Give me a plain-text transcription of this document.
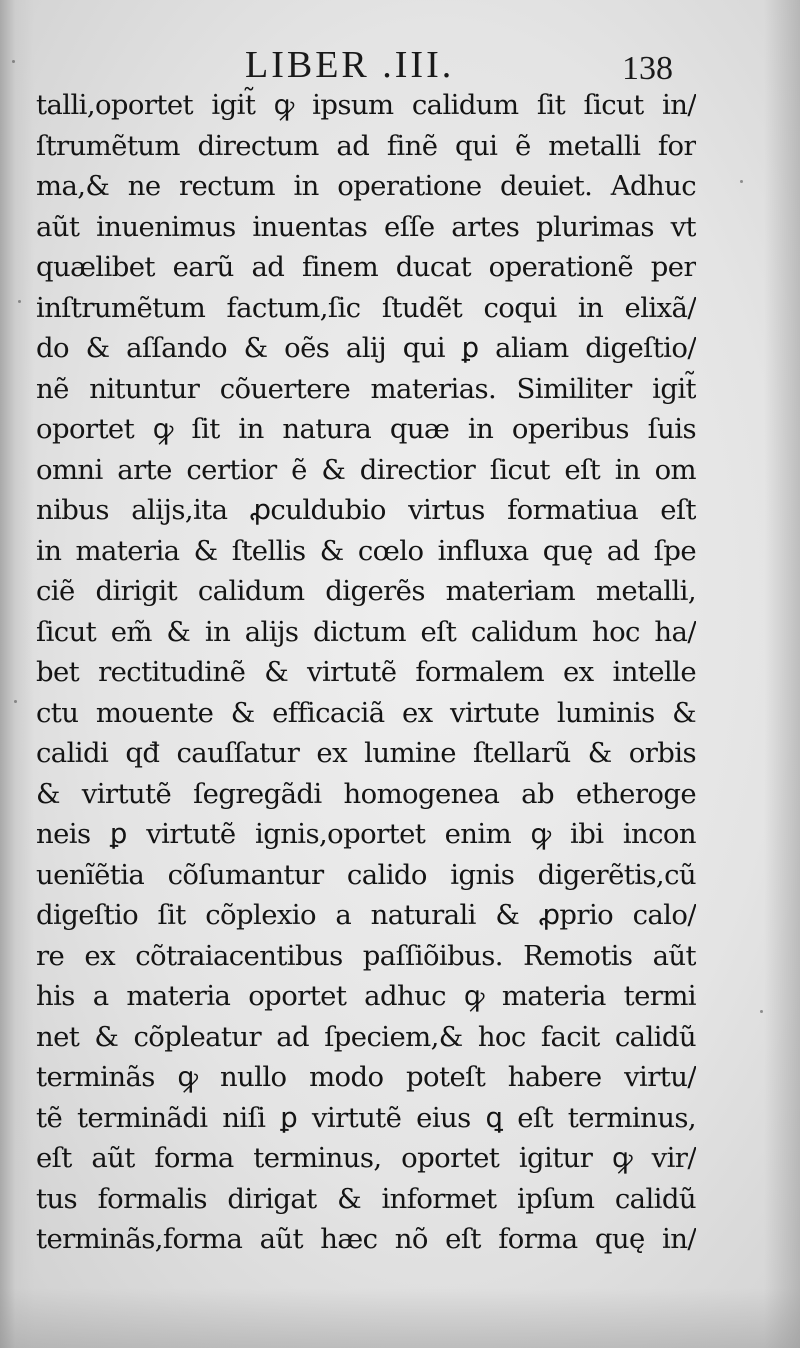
LIBER .III.	138
talli,oportet igit̃ ꝙ ipsum calidum ſit ſicut in/
ſtrumẽtum directum ad finẽ qui ẽ metalli for
ma,& ne rectum in operatione deuiet. Adhuc
aũt inuenimus inuentas eſſe artes plurimas vt
quælibet earũ ad finem ducat operationẽ per
inſtrumẽtum factum,ſic ſtudẽt coqui in elixã/
do & aſſando & oẽs alij qui ꝑ aliam digeſtio/
nẽ nituntur cõuertere materias. Similiter igit̃
oportet ꝙ ſit in natura quæ in operibus ſuis
omni arte certior ẽ & directior ſicut eſt in om
nibus alijs,ita ꝓculdubio virtus formatiua eſt
in materia & ſtellis & cœlo influxa quę ad ſpe
ciẽ dirigit calidum digerẽs materiam metalli,
ſicut em̃ & in alijs dictum eſt calidum hoc ha/
bet rectitudinẽ & virtutẽ formalem ex intelle
ctu mouente & efficaciã ex virtute luminis &
calidi qđ cauſſatur ex lumine ſtellarũ & orbis
& virtutẽ ſegregãdi homogenea ab etheroge
neis ꝑ virtutẽ ignis,oportet enim ꝙ ibi incon
uenĩẽtia cõſumantur calido ignis digerẽtis,cũ
digeſtio ſit cõplexio a naturali & ꝓprio calo/
re ex cõtraiacentibus paſſiõibus. Remotis aũt
his a materia oportet adhuc ꝙ materia termi
net & cõpleatur ad ſpeciem,& hoc facit calidũ
terminãs ꝙ nullo modo poteſt habere virtu/
tẽ terminãdi niſi ꝑ virtutẽ eius ꝗ eſt terminus,
eſt aũt forma terminus, oportet igitur ꝙ vir/
tus formalis dirigat & informet ipſum calidũ
terminãs,forma aũt hæc nõ eſt forma quę in/
